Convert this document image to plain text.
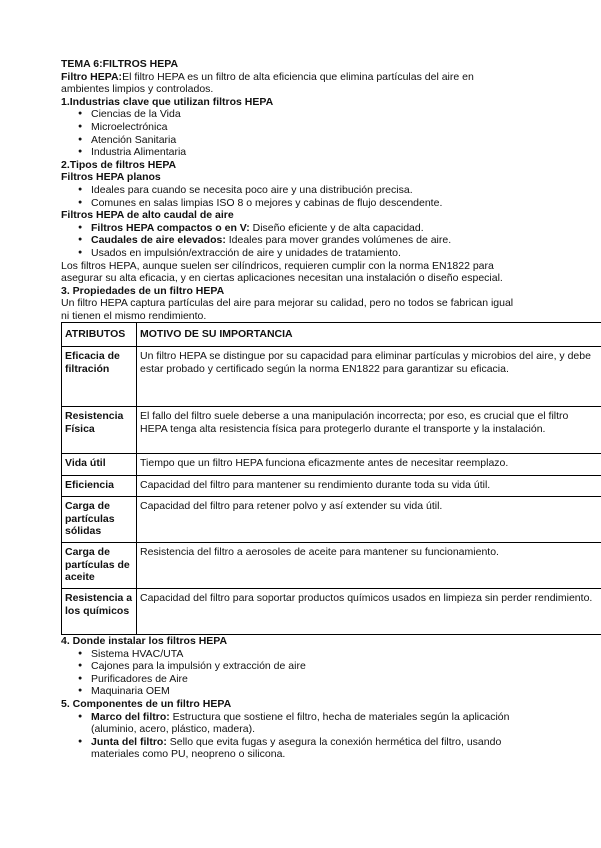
TEMA 6:FILTROS HEPA

Filtro HEPA:El filtro HEPA es un filtro de alta eficiencia que elimina partículas del aire en

ambientes limpios y controlados.

1.Industrias clave que utilizan filtros HEPA

● Ciencias de la Vida
● Microelectrónica
● Atención Sanitaria
● Industria Alimentaria

2.Tipos de filtros HEPA

Filtros HEPA planos

● Ideales para cuando se necesita poco aire y una distribución precisa.
● Comunes en salas limpias ISO 8 o mejores y cabinas de flujo descendente.

Filtros HEPA de alto caudal de aire

● Filtros HEPA compactos o en V: Diseño eficiente y de alta capacidad.
● Caudales de aire elevados: Ideales para mover grandes volúmenes de aire.
● Usados en impulsión/extracción de aire y unidades de tratamiento.

Los filtros HEPA, aunque suelen ser cilíndricos, requieren cumplir con la norma EN1822 para

asegurar su alta eficacia, y en ciertas aplicaciones necesitan una instalación o diseño especial.

3. Propiedades de un filtro HEPA

Un filtro HEPA captura partículas del aire para mejorar su calidad, pero no todos se fabrican igual

ni tienen el mismo rendimiento.

ATRIBUTOS	MOTIVO DE SU IMPORTANCIA
Eficacia de filtración	Un filtro HEPA se distingue por su capacidad para eliminar partículas y microbios del aire, y debe estar probado y certificado según la norma EN1822 para garantizar su eficacia.
Resistencia Física	El fallo del filtro suele deberse a una manipulación incorrecta; por eso, es crucial que el filtro HEPA tenga alta resistencia física para protegerlo durante el transporte y la instalación.
Vida útil	Tiempo que un filtro HEPA funciona eficazmente antes de necesitar reemplazo.
Eficiencia	Capacidad del filtro para mantener su rendimiento durante toda su vida útil.
Carga de partículas sólidas	Capacidad del filtro para retener polvo y así extender su vida útil.
Carga de partículas de aceite	Resistencia del filtro a aerosoles de aceite para mantener su funcionamiento.
Resistencia a los químicos	Capacidad del filtro para soportar productos químicos usados en limpieza sin perder rendimiento.

4. Donde instalar los filtros HEPA

● Sistema HVAC/UTA
● Cajones para la impulsión y extracción de aire
● Purificadores de Aire
● Maquinaria OEM

5. Componentes de un filtro HEPA

● Marco del filtro: Estructura que sostiene el filtro, hecha de materiales según la aplicación (aluminio, acero, plástico, madera).
● Junta del filtro: Sello que evita fugas y asegura la conexión hermética del filtro, usando materiales como PU, neopreno o silicona.
